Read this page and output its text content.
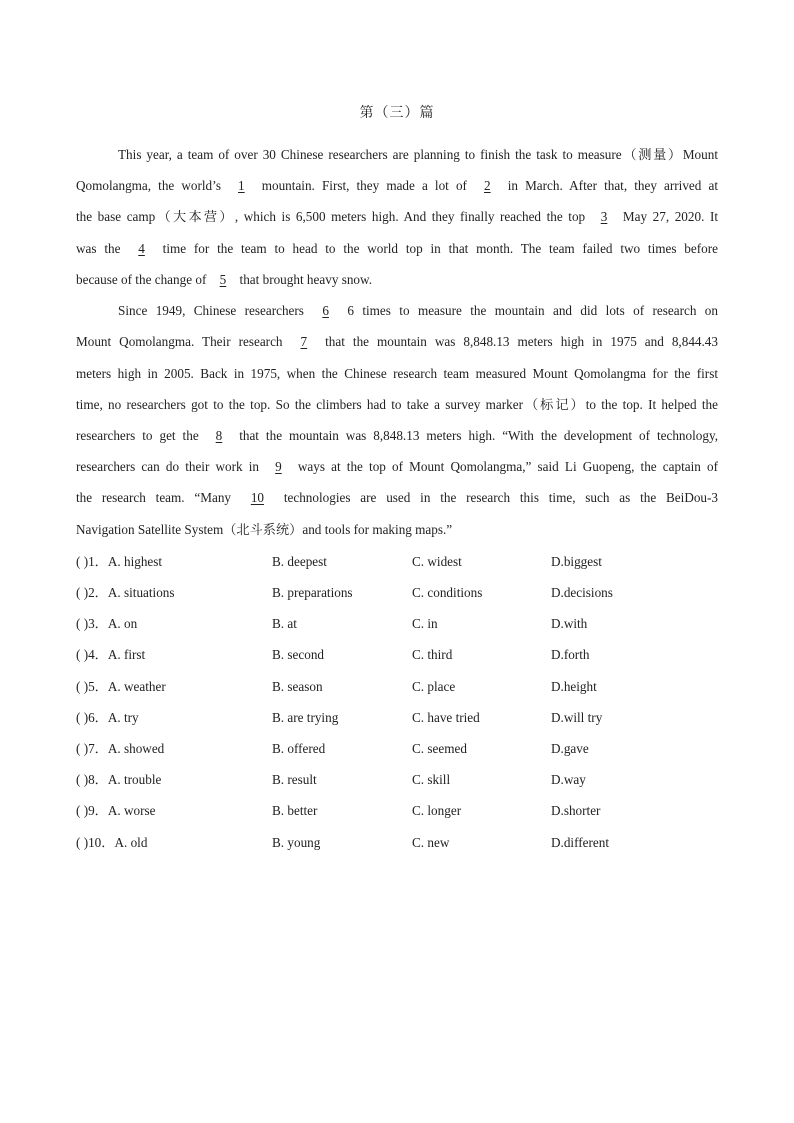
第（三）篇
This year, a team of over 30 Chinese researchers are planning to finish the task to measure（测量）Mount
Qomolangma, the world’s 1 mountain. First, they made a lot of 2 in March. After that, they arrived at
the base camp（大本营）, which is 6,500 meters high. And they finally reached the top 3 May 27, 2020. It
was the 4 time for the team to head to the world top in that month. The team failed two times before
because of the change of 5 that brought heavy snow.
Since 1949, Chinese researchers 6 6 times to measure the mountain and did lots of research on
Mount Qomolangma. Their research 7 that the mountain was 8,848.13 meters high in 1975 and 8,844.43
meters high in 2005. Back in 1975, when the Chinese research team measured Mount Qomolangma for the first
time, no researchers got to the top. So the climbers had to take a survey marker（标记）to the top. It helped the
researchers to get the 8 that the mountain was 8,848.13 meters high. “With the development of technology,
researchers can do their work in 9 ways at the top of Mount Qomolangma,” said Li Guopeng, the captain of
the research team. “Many 10 technologies are used in the research this time, such as the BeiDou-3
Navigation Satellite System（北斗系统）and tools for making maps.”
( )1．A. highest	B. deepest	C. widest	D.biggest
( )2．A. situations	B. preparations	C. conditions	D.decisions
( )3．A. on	B. at	C. in	D.with
( )4．A. first	B. second	C. third	D.forth
( )5．A. weather	B. season	C. place	D.height
( )6．A. try	B. are trying	C. have tried	D.will try
( )7．A. showed	B. offered	C. seemed	D.gave
( )8．A. trouble	B. result	C. skill	D.way
( )9．A. worse	B. better	C. longer	D.shorter
( )10．A. old	B. young	C. new	D.different
